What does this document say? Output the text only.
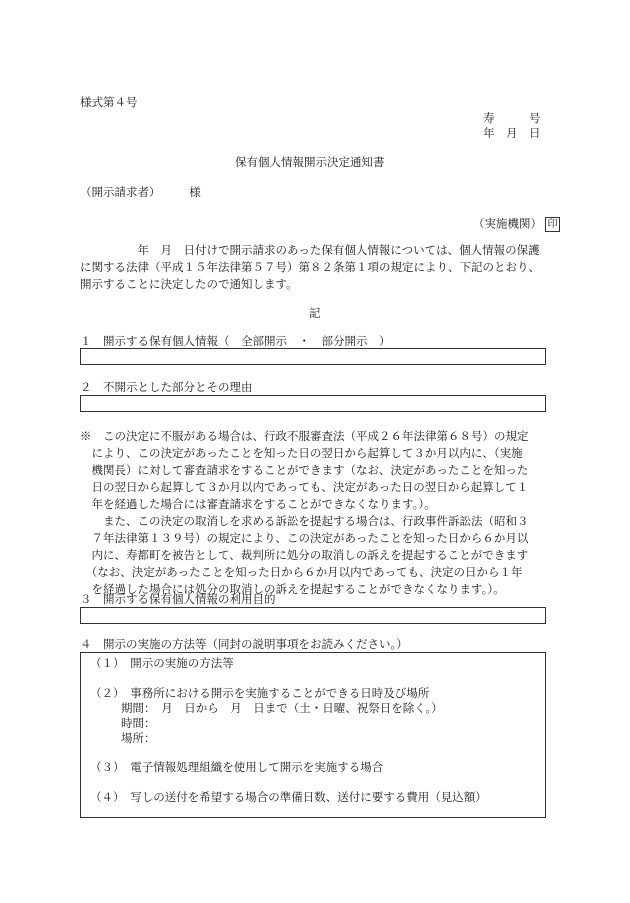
様式第４号
寿　　　号
年　月　日
保有個人情報開示決定通知書
（開示請求者）　　　様
（実施機関） 印
　　　　　年　月　日付けで開示請求のあった保有個人情報については、個人情報の保護
に関する法律（平成１５年法律第５７号）第８２条第１項の規定により、下記のとおり、
開示することに決定したので通知します。
記
１　開示する保有個人情報（　全部開示　・　部分開示　）
２　不開示とした部分とその理由
※　この決定に不服がある場合は、行政不服審査法（平成２６年法律第６８号）の規定
　により、この決定があったことを知った日の翌日から起算して３か月以内に、（実施
　機関長）に対して審査請求をすることができます（なお、決定があったことを知った
　日の翌日から起算して３か月以内であっても、決定があった日の翌日から起算して１
　年を経過した場合には審査請求をすることができなくなります。）。
　　また、この決定の取消しを求める訴訟を提起する場合は、行政事件訴訟法（昭和３
　７年法律第１３９号）の規定により、この決定があったことを知った日から６か月以
　内に、寿都町を被告として、裁判所に処分の取消しの訴えを提起することができます
　（なお、決定があったことを知った日から６か月以内であっても、決定の日から１年
　を経過した場合には処分の取消しの訴えを提起することができなくなります。）。
３　開示する保有個人情報の利用目的
４　開示の実施の方法等（同封の説明事項をお読みください。）
（１）　開示の実施の方法等
（２）　事務所における開示を実施することができる日時及び場所
期間：　月　日から　月　日まで（土・日曜、祝祭日を除く。）
時間：
場所：
（３）　電子情報処理組織を使用して開示を実施する場合
（４）　写しの送付を希望する場合の準備日数、送付に要する費用（見込額）
